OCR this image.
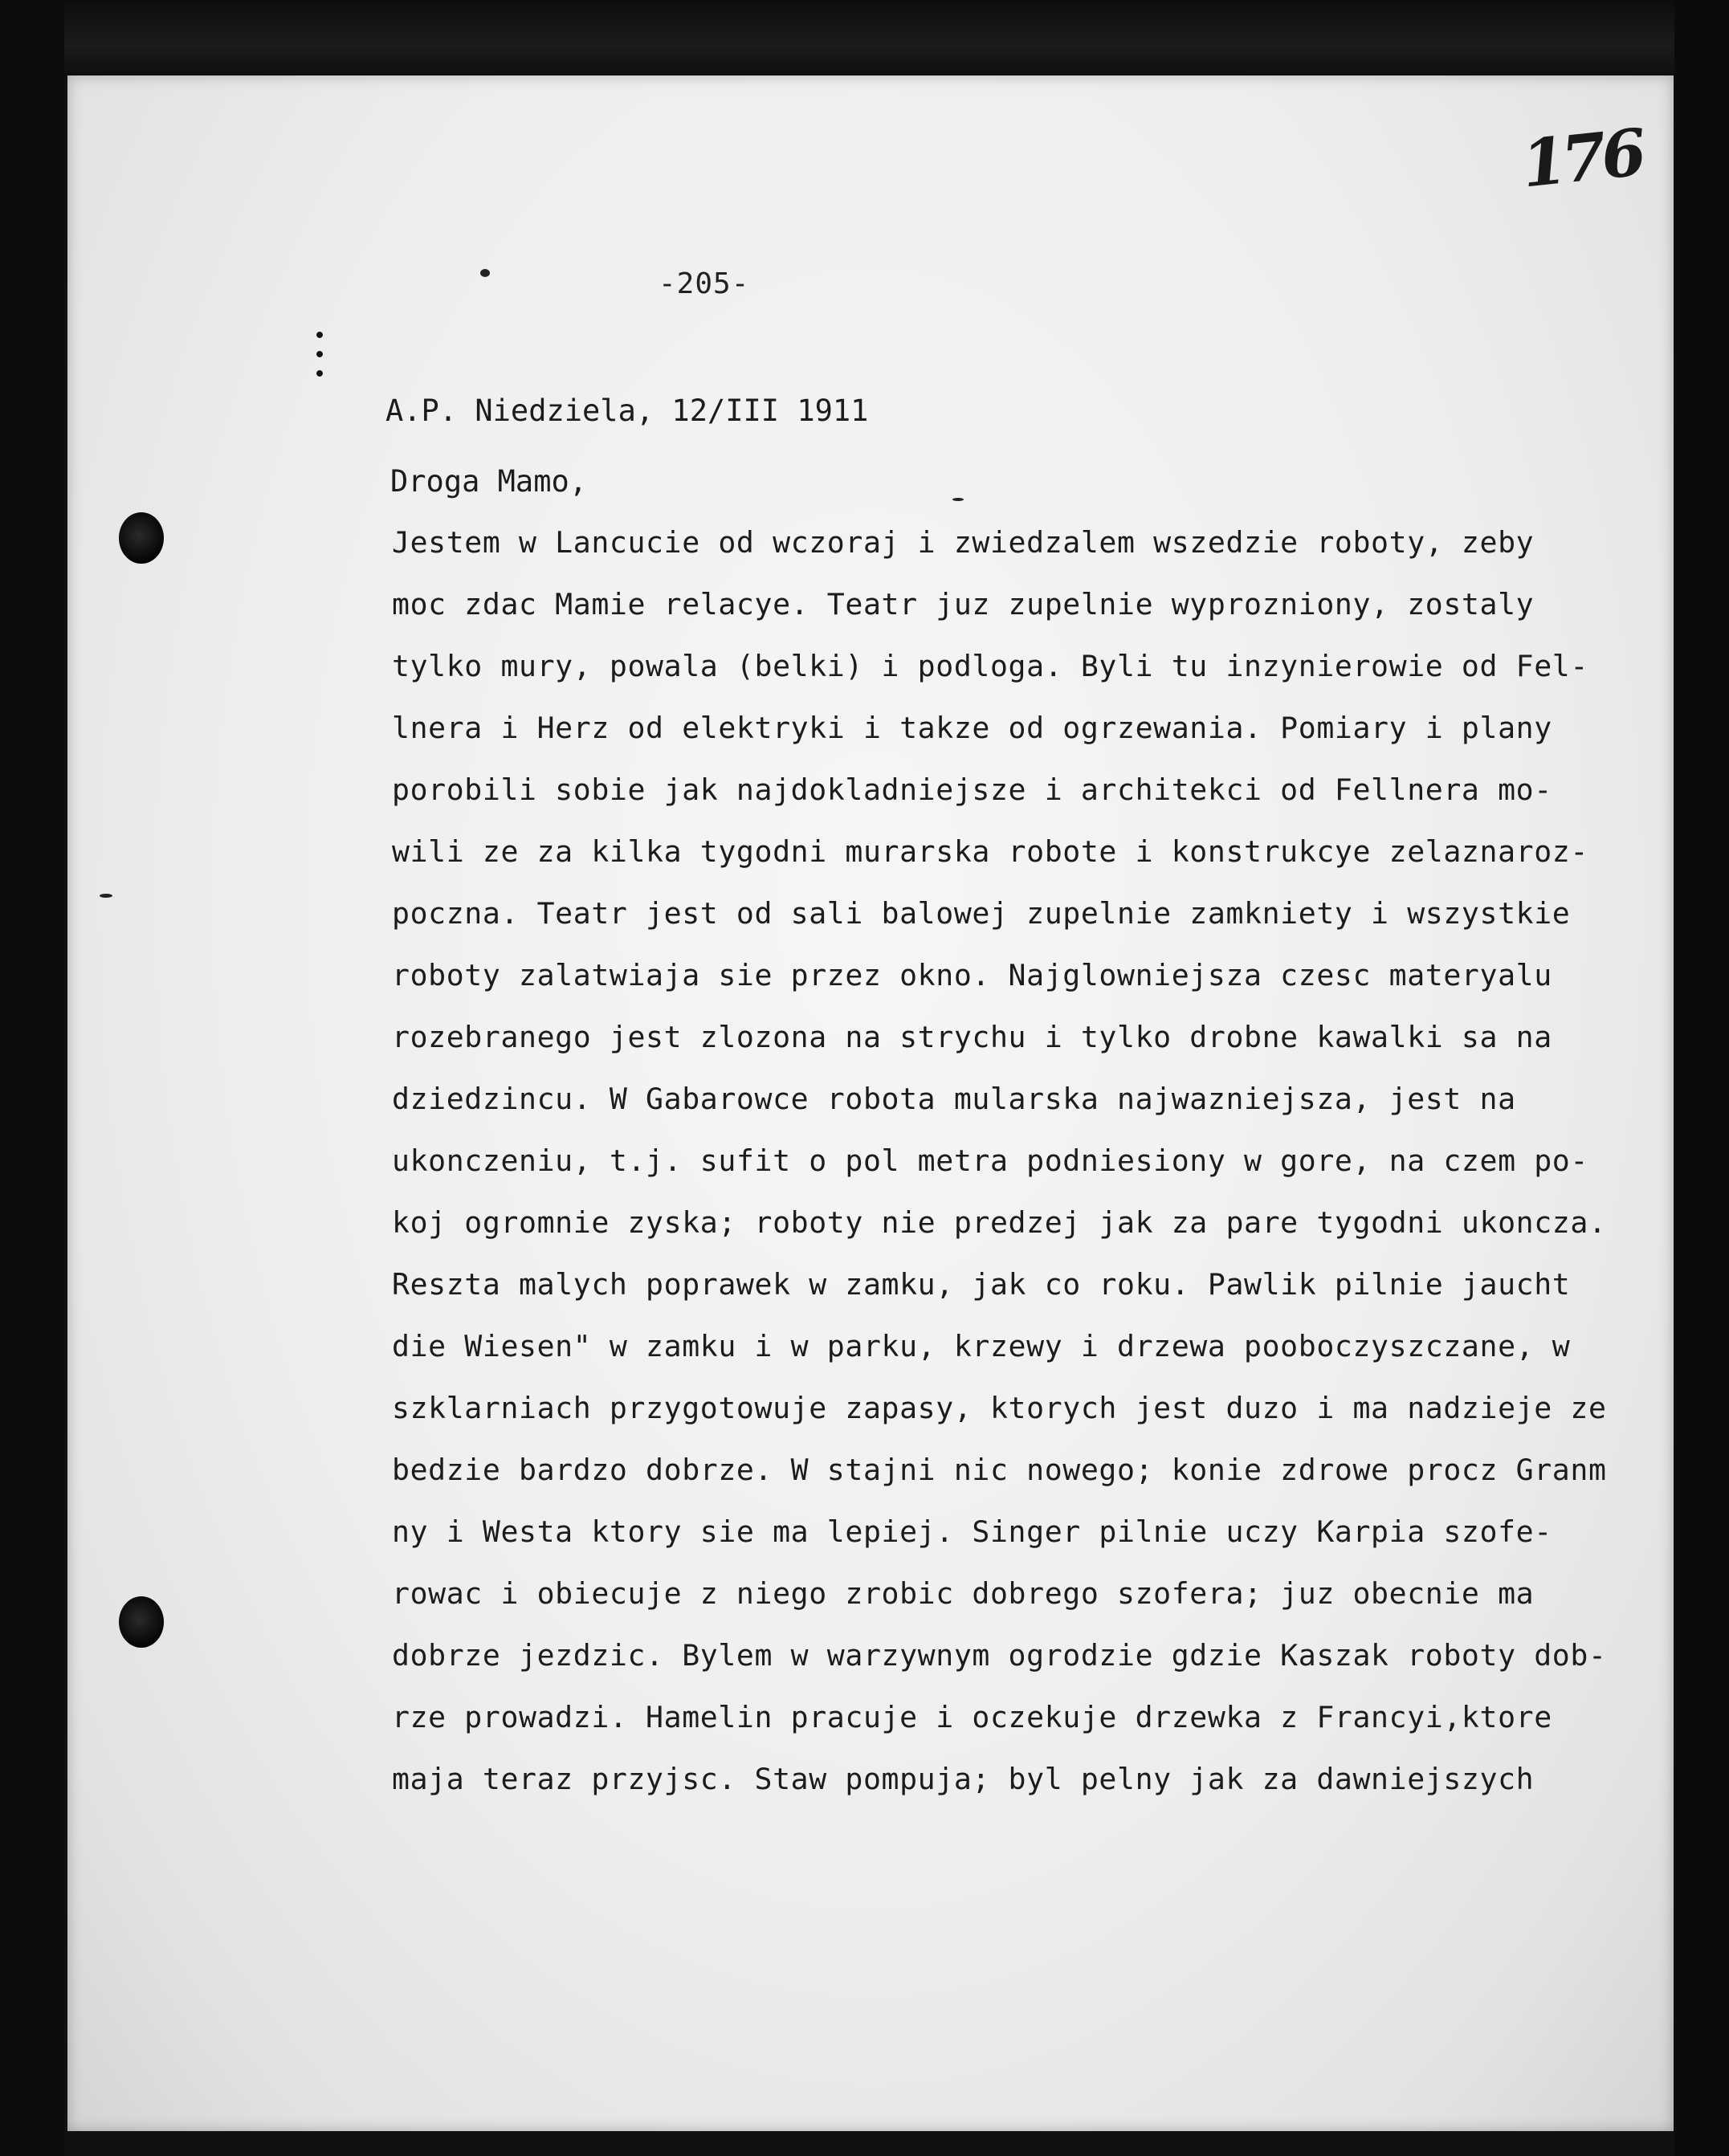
176
-205-
A.P. Niedziela, 12/III 1911
Droga Mamo,
Jestem w Lancucie od wczoraj i zwiedzalem wszedzie roboty, zeby
moc zdac Mamie relacye. Teatr juz zupelnie wyprozniony, zostaly
tylko mury, powala (belki) i podloga. Byli tu inzynierowie od Fel-
lnera i Herz od elektryki i takze od ogrzewania. Pomiary i plany
porobili sobie jak najdokladniejsze i architekci od Fellnera mo-
wili ze za kilka tygodni murarska robote i konstrukcye zelaznaroz-
poczna. Teatr jest od sali balowej zupelnie zamkniety i wszystkie
roboty zalatwiaja sie przez okno. Najglowniejsza czesc materyalu
rozebranego jest zlozona na strychu i tylko drobne kawalki sa na
dziedzincu. W Gabarowce robota mularska najwazniejsza, jest na
ukonczeniu, t.j. sufit o pol metra podniesiony w gore, na czem po-
koj ogromnie zyska; roboty nie predzej jak za pare tygodni ukoncza.
Reszta malych poprawek w zamku, jak co roku. Pawlik pilnie jaucht
die Wiesen" w zamku i w parku, krzewy i drzewa pooboczyszczane, w
szklarniach przygotowuje zapasy, ktorych jest duzo i ma nadzieje ze
bedzie bardzo dobrze. W stajni nic nowego; konie zdrowe procz Granm
ny i Westa ktory sie ma lepiej. Singer pilnie uczy Karpia szofe-
rowac i obiecuje z niego zrobic dobrego szofera; juz obecnie ma
dobrze jezdzic. Bylem w warzywnym ogrodzie gdzie Kaszak roboty dob-
rze prowadzi. Hamelin pracuje i oczekuje drzewka z Francyi,ktore
maja teraz przyjsc. Staw pompuja; byl pelny jak za dawniejszych
